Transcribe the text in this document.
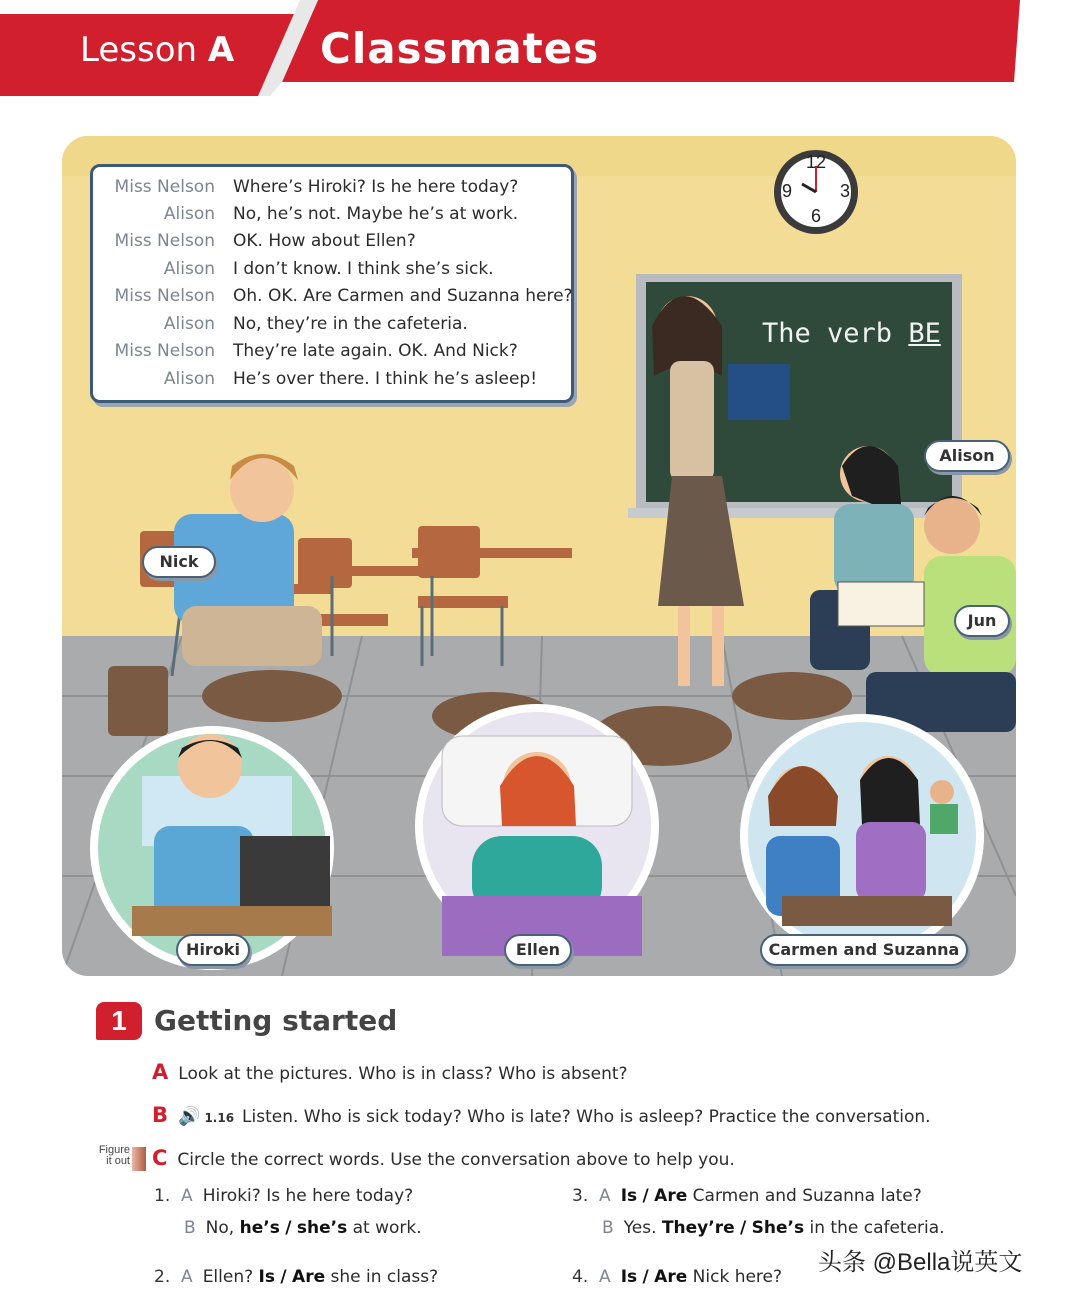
Lesson A Classmates
12
3
6
9
The verb BE
Miss Nelson Where’s Hiroki? Is he here today?
Alison No, he’s not. Maybe he’s at work.
Miss Nelson OK. How about Ellen?
Alison I don’t know. I think she’s sick.
Miss Nelson Oh. OK. Are Carmen and Suzanna here?
Alison No, they’re in the cafeteria.
Miss Nelson They’re late again. OK. And Nick?
Alison He’s over there. I think he’s asleep!
Nick
Alison
Jun
Hiroki	Ellen	Carmen and Suzanna
1 Getting started
A Look at the pictures. Who is in class? Who is absent?
B 🔊 1.16 Listen. Who is sick today? Who is late? Who is asleep? Practice the conversation.
Figure
it out C Circle the correct words. Use the conversation above to help you.
1. A Hiroki? Is he here today?
B No, he’s / she’s at work.
2. A Ellen? Is / Are she in class?
3. A Is / Are Carmen and Suzanna late?
B Yes. They’re / She’s in the cafeteria.
4. A Is / Are Nick here?
头条 @Bella说英文
